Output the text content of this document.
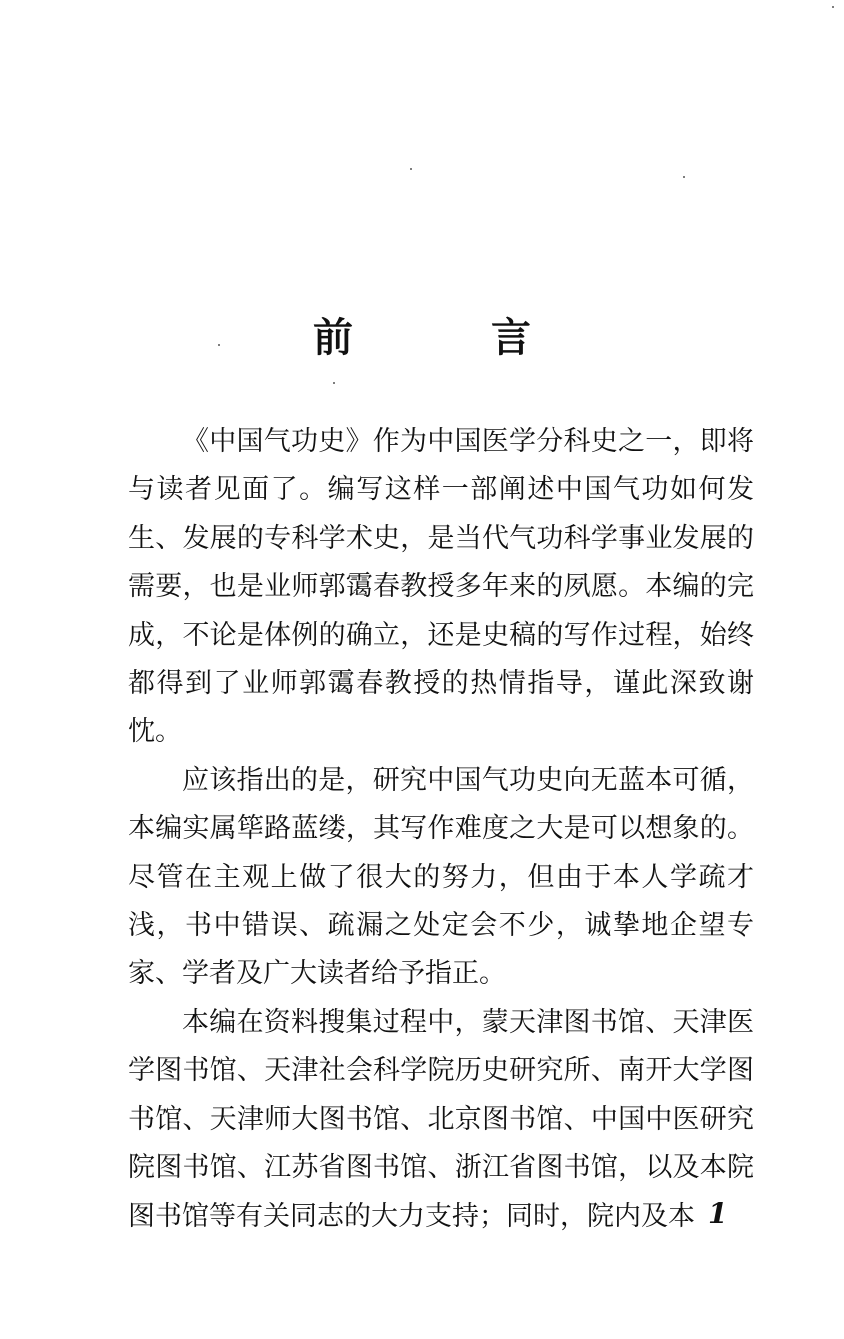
前 言

《中国气功史》作为中国医学分科史之一，即将与读者见面了。编写这样一部阐述中国气功如何发生、发展的专科学术史，是当代气功科学事业发展的需要，也是业师郭霭春教授多年来的夙愿。本编的完成，不论是体例的确立，还是史稿的写作过程，始终都得到了业师郭霭春教授的热情指导，谨此深致谢忱。

应该指出的是，研究中国气功史向无蓝本可循，本编实属筚路蓝缕，其写作难度之大是可以想象的。尽管在主观上做了很大的努力，但由于本人学疏才浅，书中错误、疏漏之处定会不少，诚挚地企望专家、学者及广大读者给予指正。

本编在资料搜集过程中，蒙天津图书馆、天津医学图书馆、天津社会科学院历史研究所、南开大学图书馆、天津师大图书馆、北京图书馆、中国中医研究院图书馆、江苏省图书馆、浙江省图书馆，以及本院图书馆等有关同志的大力支持；同时，院内及本 1
